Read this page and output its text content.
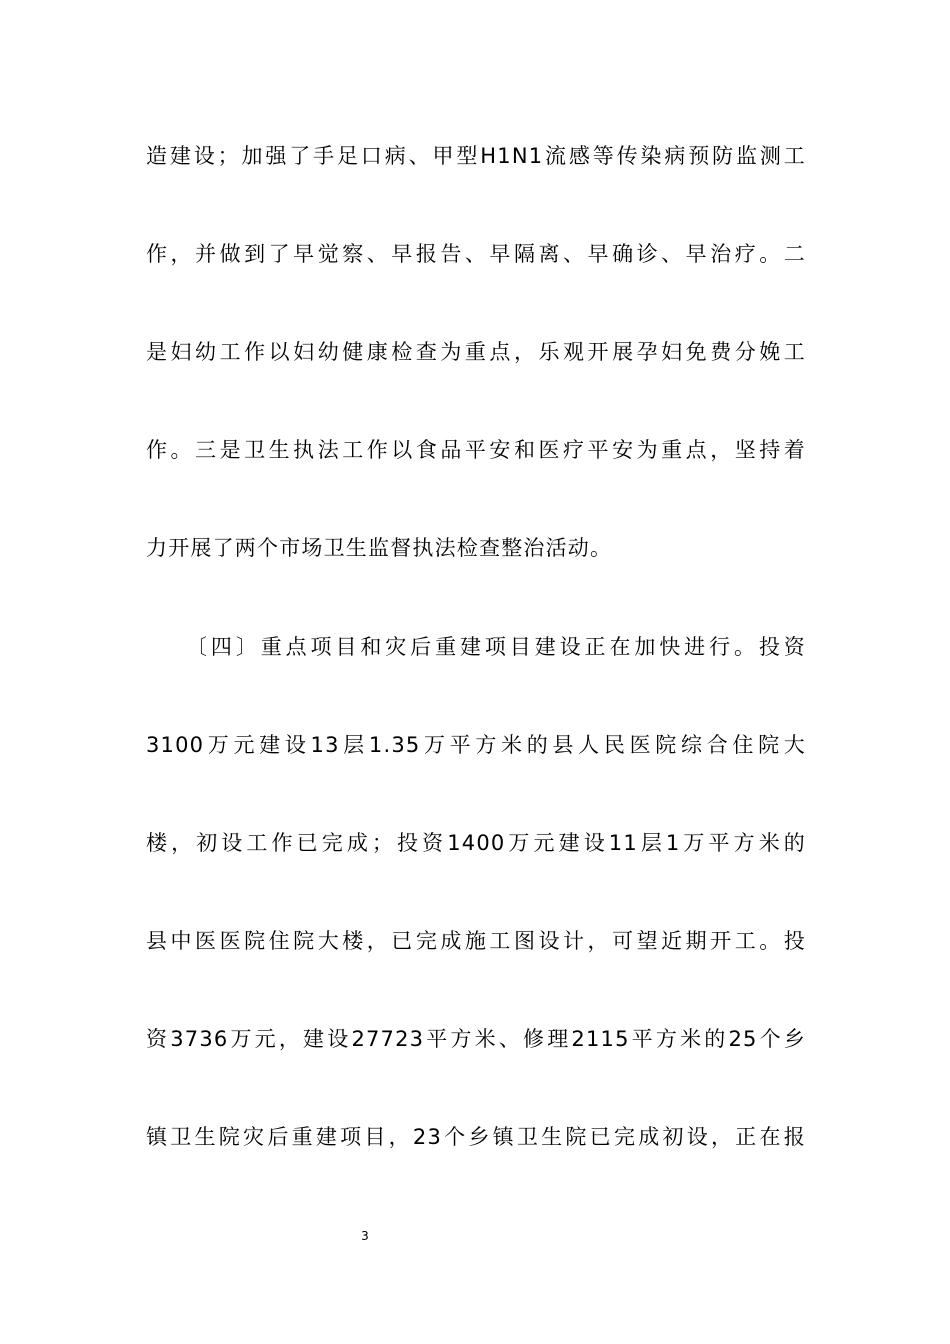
造建设；加强了手足口病、甲型H1N1流感等传染病预防监测工
作，并做到了早觉察、早报告、早隔离、早确诊、早治疗。二
是妇幼工作以妇幼健康检查为重点，乐观开展孕妇免费分娩工
作。三是卫生执法工作以食品平安和医疗平安为重点，坚持着
力开展了两个市场卫生监督执法检查整治活动。
〔四〕重点项目和灾后重建项目建设正在加快进行。投资
3100万元建设13层1.35万平方米的县人民医院综合住院大
楼，初设工作已完成；投资1400万元建设11层1万平方米的
县中医医院住院大楼，已完成施工图设计，可望近期开工。投
资3736万元，建设27723平方米、修理2115平方米的25个乡
镇卫生院灾后重建项目，23个乡镇卫生院已完成初设，正在报
3
